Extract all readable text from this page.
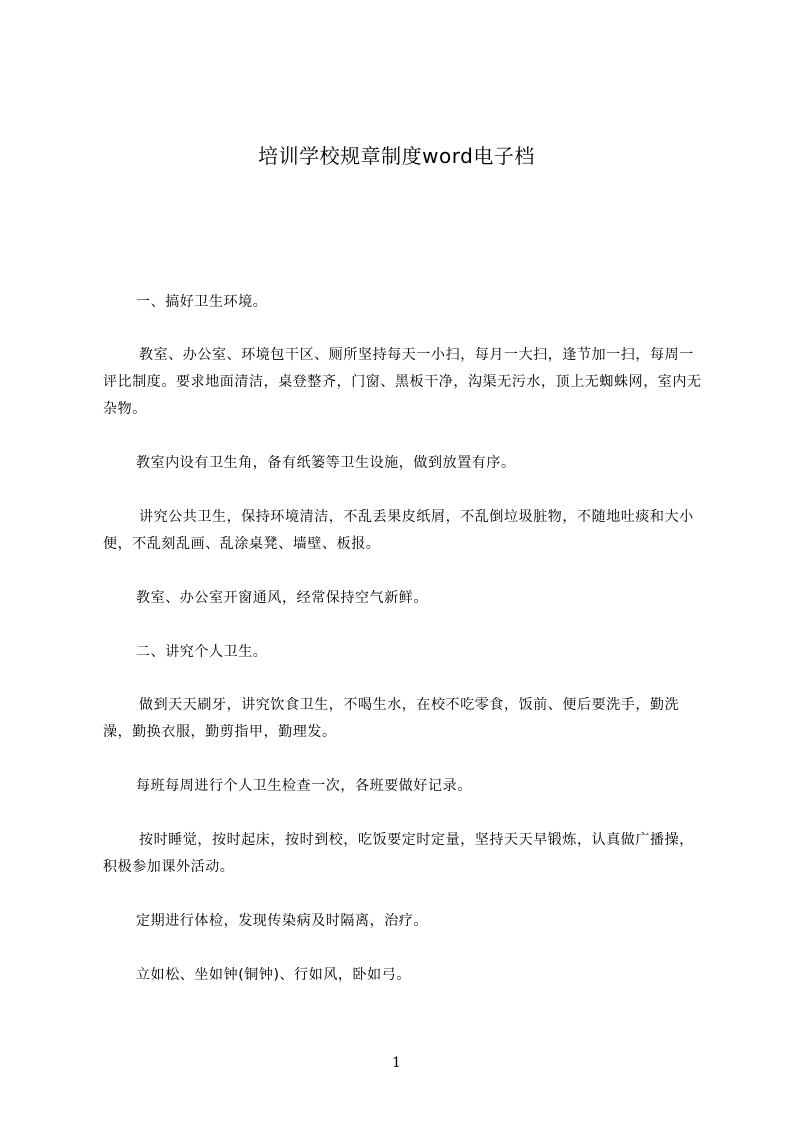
培训学校规章制度word电子档
一、搞好卫生环境。
教室、办公室、环境包干区、厕所坚持每天一小扫，每月一大扫，逢节加一扫，每周一评比制度。要求地面清洁，桌登整齐，门窗、黑板干净，沟渠无污水，顶上无蜘蛛网，室内无杂物。
教室内设有卫生角，备有纸篓等卫生设施，做到放置有序。
讲究公共卫生，保持环境清洁，不乱丢果皮纸屑，不乱倒垃圾脏物，不随地吐痰和大小便，不乱刻乱画、乱涂桌凳、墙壁、板报。
教室、办公室开窗通风，经常保持空气新鲜。
二、讲究个人卫生。
做到天天刷牙，讲究饮食卫生，不喝生水，在校不吃零食，饭前、便后要洗手，勤洗澡，勤换衣服，勤剪指甲，勤理发。
每班每周进行个人卫生检查一次，各班要做好记录。
按时睡觉，按时起床，按时到校，吃饭要定时定量，坚持天天早锻炼，认真做广播操，积极参加课外活动。
定期进行体检，发现传染病及时隔离，治疗。
立如松、坐如钟(铜钟)、行如风，卧如弓。
1
